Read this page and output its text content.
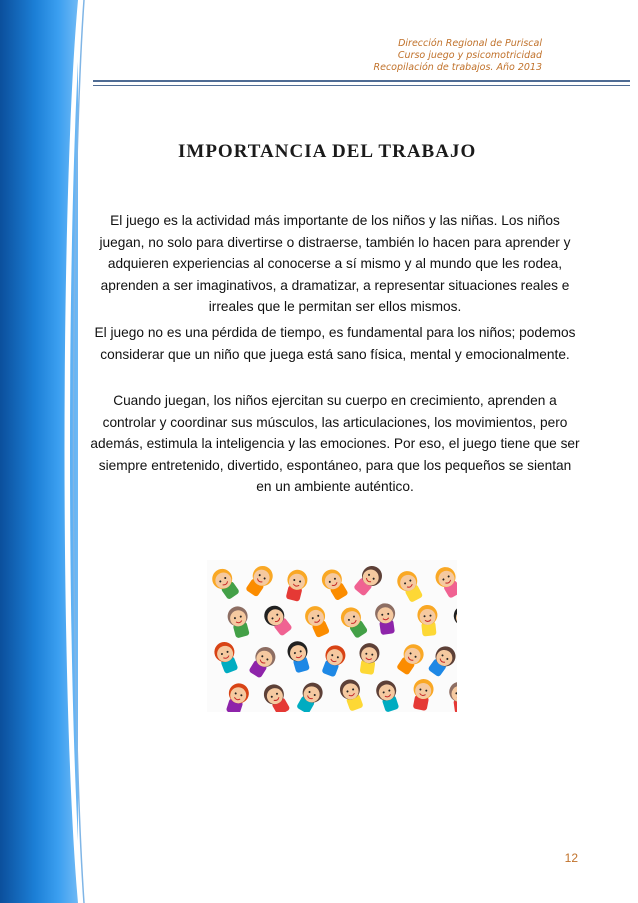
Dirección Regional de Puriscal
Curso juego y psicomotricidad
Recopilación de trabajos. Año 2013
IMPORTANCIA DEL TRABAJO
El juego es la actividad más importante de los niños y las niñas. Los niños juegan, no solo para divertirse o distraerse, también lo hacen para aprender y adquieren experiencias al conocerse a sí mismo y al mundo que les rodea, aprenden a ser imaginativos, a dramatizar, a representar situaciones reales e irreales que le permitan ser ellos mismos.
El juego no es una pérdida de tiempo, es fundamental para los niños; podemos considerar que un niño que juega está sano física, mental y emocionalmente.
Cuando juegan, los niños ejercitan su cuerpo en crecimiento, aprenden a controlar y coordinar sus músculos, las articulaciones, los movimientos, pero además, estimula la inteligencia y las emociones. Por eso, el juego tiene que ser siempre entretenido, divertido, espontáneo, para que los pequeños se sientan en un ambiente auténtico.
12
